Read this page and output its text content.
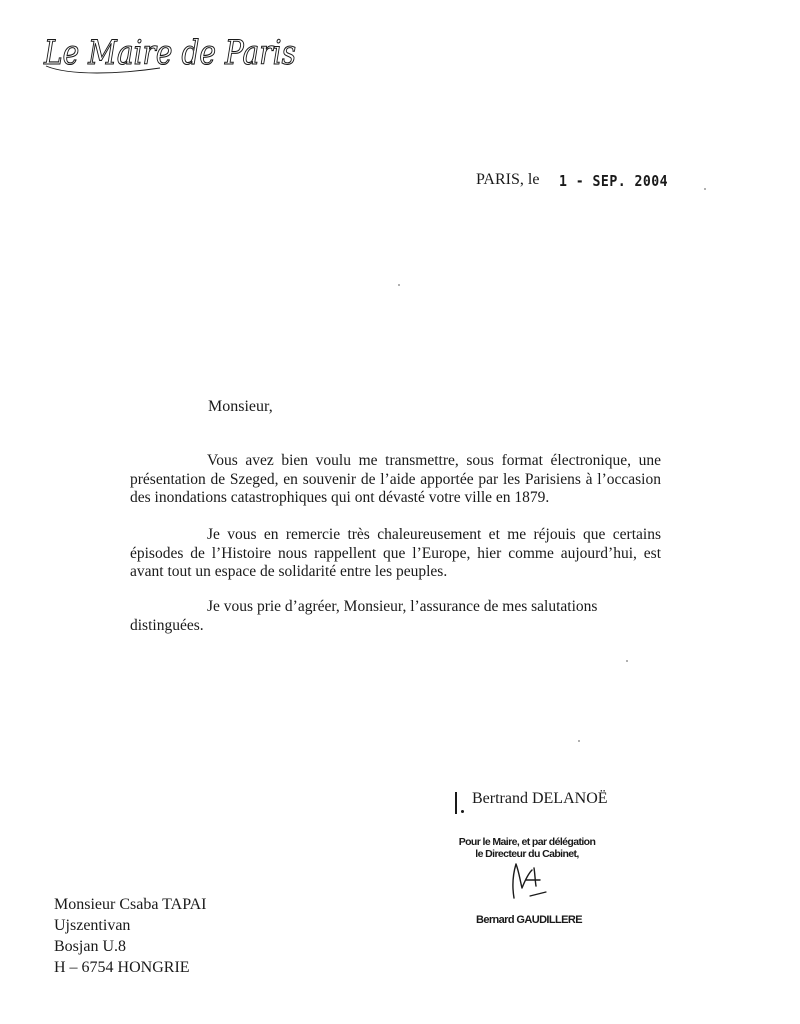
Le Maire de Paris
PARIS, le 1 - SEP. 2004
Monsieur,

Vous avez bien voulu me transmettre, sous format électronique, une présentation de Szeged, en souvenir de l’aide apportée par les Parisiens à l’occasion des inondations catastrophiques qui ont dévasté votre ville en 1879.

Je vous en remercie très chaleureusement et me réjouis que certains épisodes de l’Histoire nous rappellent que l’Europe, hier comme aujourd’hui, est avant tout un espace de solidarité entre les peuples.

Je vous prie d’agréer, Monsieur, l’assurance de mes salutations distinguées.

Bertrand DELANOË
Pour le Maire, et par délégation
le Directeur du Cabinet,
Bernard GAUDILLERE
Monsieur Csaba TAPAI
Ujszentivan
Bosjan U.8
H – 6754 HONGRIE
